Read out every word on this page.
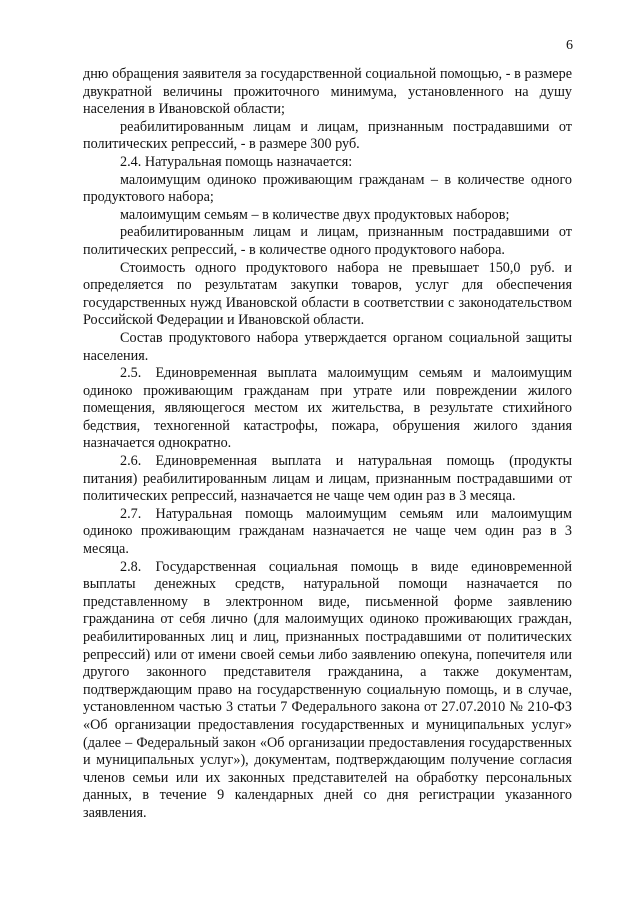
6

дню обращения заявителя за государственной социальной помощью, - в размере двукратной величины прожиточного минимума, установленного на душу населения в Ивановской области;

реабилитированным лицам и лицам, признанным пострадавшими от политических репрессий, - в размере 300 руб.

2.4. Натуральная помощь назначается:

малоимущим одиноко проживающим гражданам – в количестве одного продуктового набора;

малоимущим семьям – в количестве двух продуктовых наборов;

реабилитированным лицам и лицам, признанным пострадавшими от политических репрессий, - в количестве одного продуктового набора.

Стоимость одного продуктового набора не превышает 150,0 руб. и определяется по результатам закупки товаров, услуг для обеспечения государственных нужд Ивановской области в соответствии с законодательством Российской Федерации и Ивановской области.

Состав продуктового набора утверждается органом социальной защиты населения.

2.5. Единовременная выплата малоимущим семьям и малоимущим одиноко проживающим гражданам при утрате или повреждении жилого помещения, являющегося местом их жительства, в результате стихийного бедствия, техногенной катастрофы, пожара, обрушения жилого здания назначается однократно.

2.6. Единовременная выплата и натуральная помощь (продукты питания) реабилитированным лицам и лицам, признанным пострадавшими от политических репрессий, назначается не чаще чем один раз в 3 месяца.

2.7. Натуральная помощь малоимущим семьям или малоимущим одиноко проживающим гражданам назначается не чаще чем один раз в 3 месяца.

2.8. Государственная социальная помощь в виде единовременной выплаты денежных средств, натуральной помощи назначается по представленному в электронном виде, письменной форме заявлению гражданина от себя лично (для малоимущих одиноко проживающих граждан, реабилитированных лиц и лиц, признанных пострадавшими от политических репрессий) или от имени своей семьи либо заявлению опекуна, попечителя или другого законного представителя гражданина, а также документам, подтверждающим право на государственную социальную помощь, и в случае, установленном частью 3 статьи 7 Федерального закона от 27.07.2010 № 210-ФЗ «Об организации предоставления государственных и муниципальных услуг» (далее – Федеральный закон «Об организации предоставления государственных и муниципальных услуг»), документам, подтверждающим получение согласия членов семьи или их законных представителей на обработку персональных данных, в течение 9 календарных дней со дня регистрации указанного заявления.
